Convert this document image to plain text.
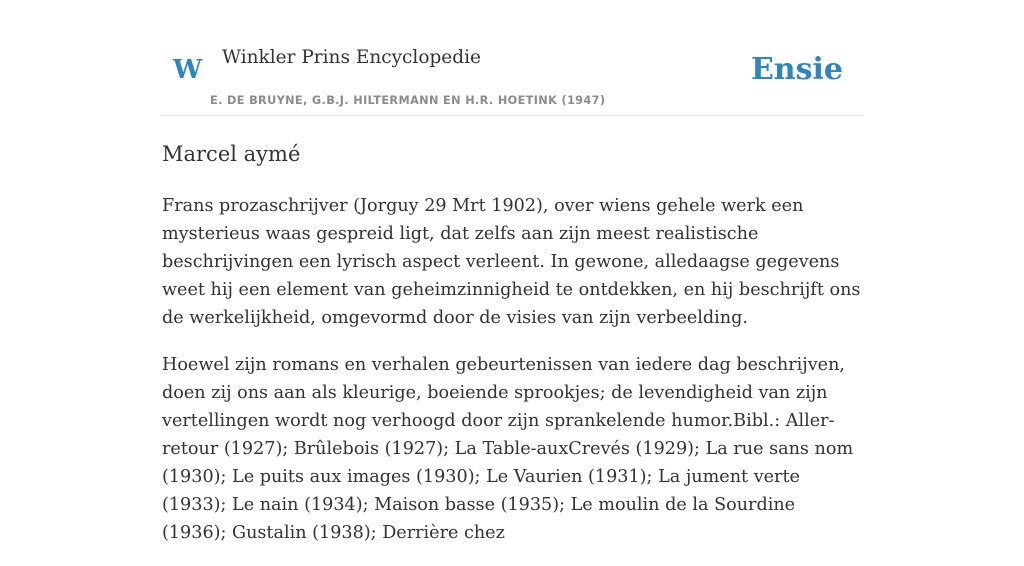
W Winkler Prins Encyclopedie
E. DE BRUYNE, G.B.J. HILTERMANN EN H.R. HOETINK (1947)
Ensie
Marcel aymé

Frans prozaschrijver (Jorguy 29 Mrt 1902), over wiens gehele werk een mysterieus waas gespreid ligt, dat zelfs aan zijn meest realistische beschrijvingen een lyrisch aspect verleent. In gewone, alledaagse gegevens weet hij een element van geheimzinnigheid te ontdekken, en hij beschrijft ons de werkelijkheid, omgevormd door de visies van zijn verbeelding.

Hoewel zijn romans en verhalen gebeurtenissen van iedere dag beschrijven, doen zij ons aan als kleurige, boeiende sprookjes; de levendigheid van zijn vertellingen wordt nog verhoogd door zijn sprankelende humor.Bibl.: Aller-retour (1927); Brûlebois (1927); La Table-auxCrevés (1929); La rue sans nom (1930); Le puits aux images (1930); Le Vaurien (1931); La jument verte (1933); Le nain (1934); Maison basse (1935); Le moulin de la Sourdine (1936); Gustalin (1938); Derrière chez
